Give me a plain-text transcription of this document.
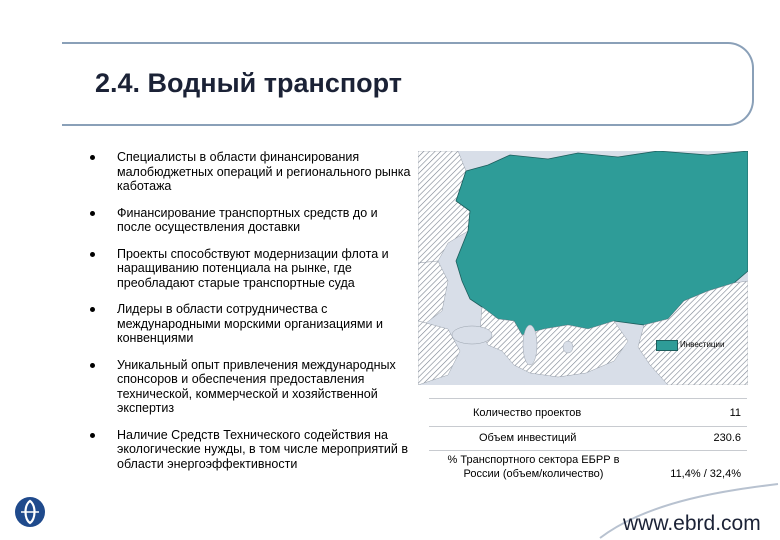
2.4. Водный транспорт
Специалисты в области финансирования малобюджетных операций и регионального рынка каботажа
Финансирование транспортных средств до и после осуществления доставки
Проекты способствуют модернизации флота и наращиванию потенциала на рынке, где преобладают старые транспортные суда
Лидеры в области сотрудничества с международными морскими организациями и конвенциями
Уникальный опыт привлечения международных спонсоров и обеспечения предоставления технической, коммерческой и хозяйственной экспертиз
Наличие Средств Технического содействия на экологические нужды, в том числе мероприятий в области энергоэффективности
Инвестиции
Количество проектов	11
Объем инвестиций	230.6
% Транспортного сектора ЕБРР в России (объем/количество)	11,4% / 32,4%
www.ebrd.com
